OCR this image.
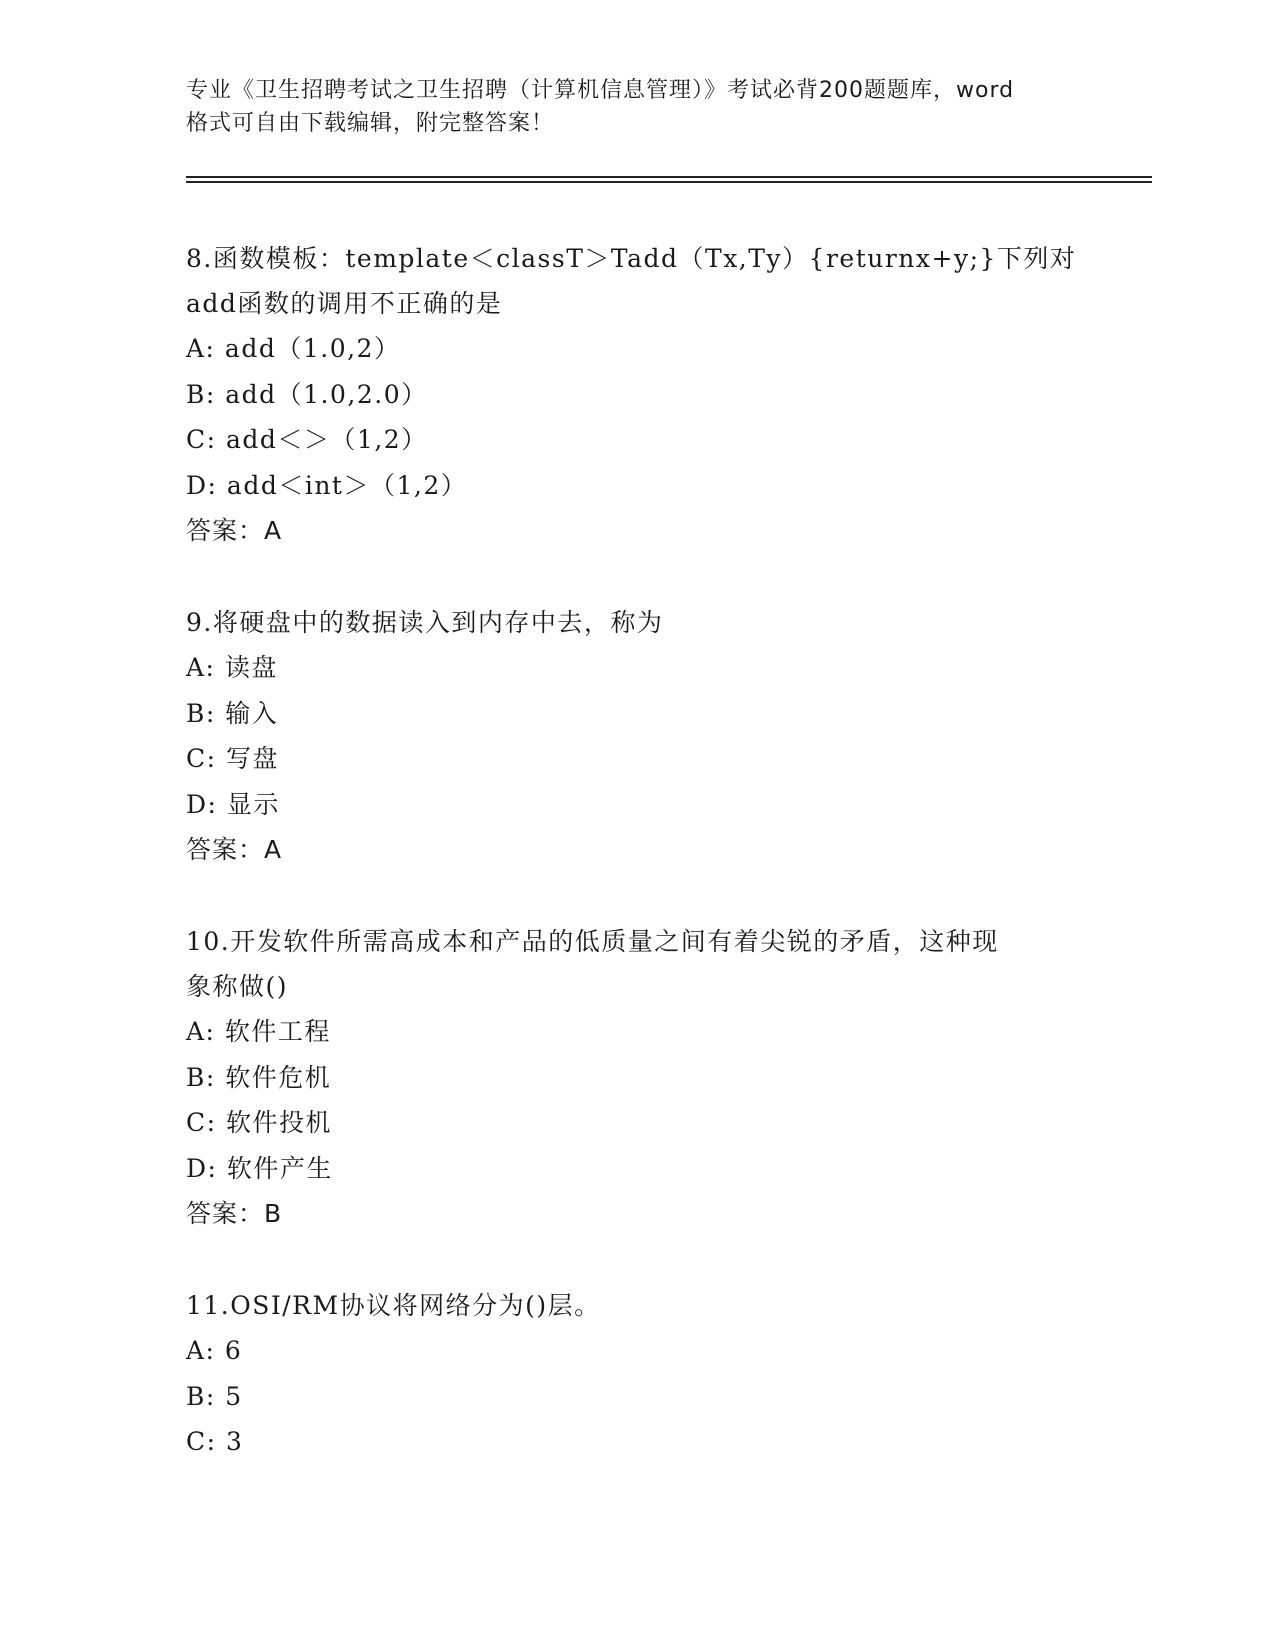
专业《卫生招聘考试之卫生招聘（计算机信息管理）》考试必背200题题库，word
格式可自由下载编辑，附完整答案！
8.函数模板：template＜classT＞Tadd（Tx,Ty）{returnx+y;}下列对
add函数的调用不正确的是
A: add（1.0,2）
B: add（1.0,2.0）
C: add＜＞（1,2）
D: add＜int＞（1,2）
答案：A
9.将硬盘中的数据读入到内存中去，称为
A: 读盘
B: 输入
C: 写盘
D: 显示
答案：A
10.开发软件所需高成本和产品的低质量之间有着尖锐的矛盾，这种现
象称做()
A: 软件工程
B: 软件危机
C: 软件投机
D: 软件产生
答案：B
11.OSI/RM协议将网络分为()层。
A: 6
B: 5
C: 3
